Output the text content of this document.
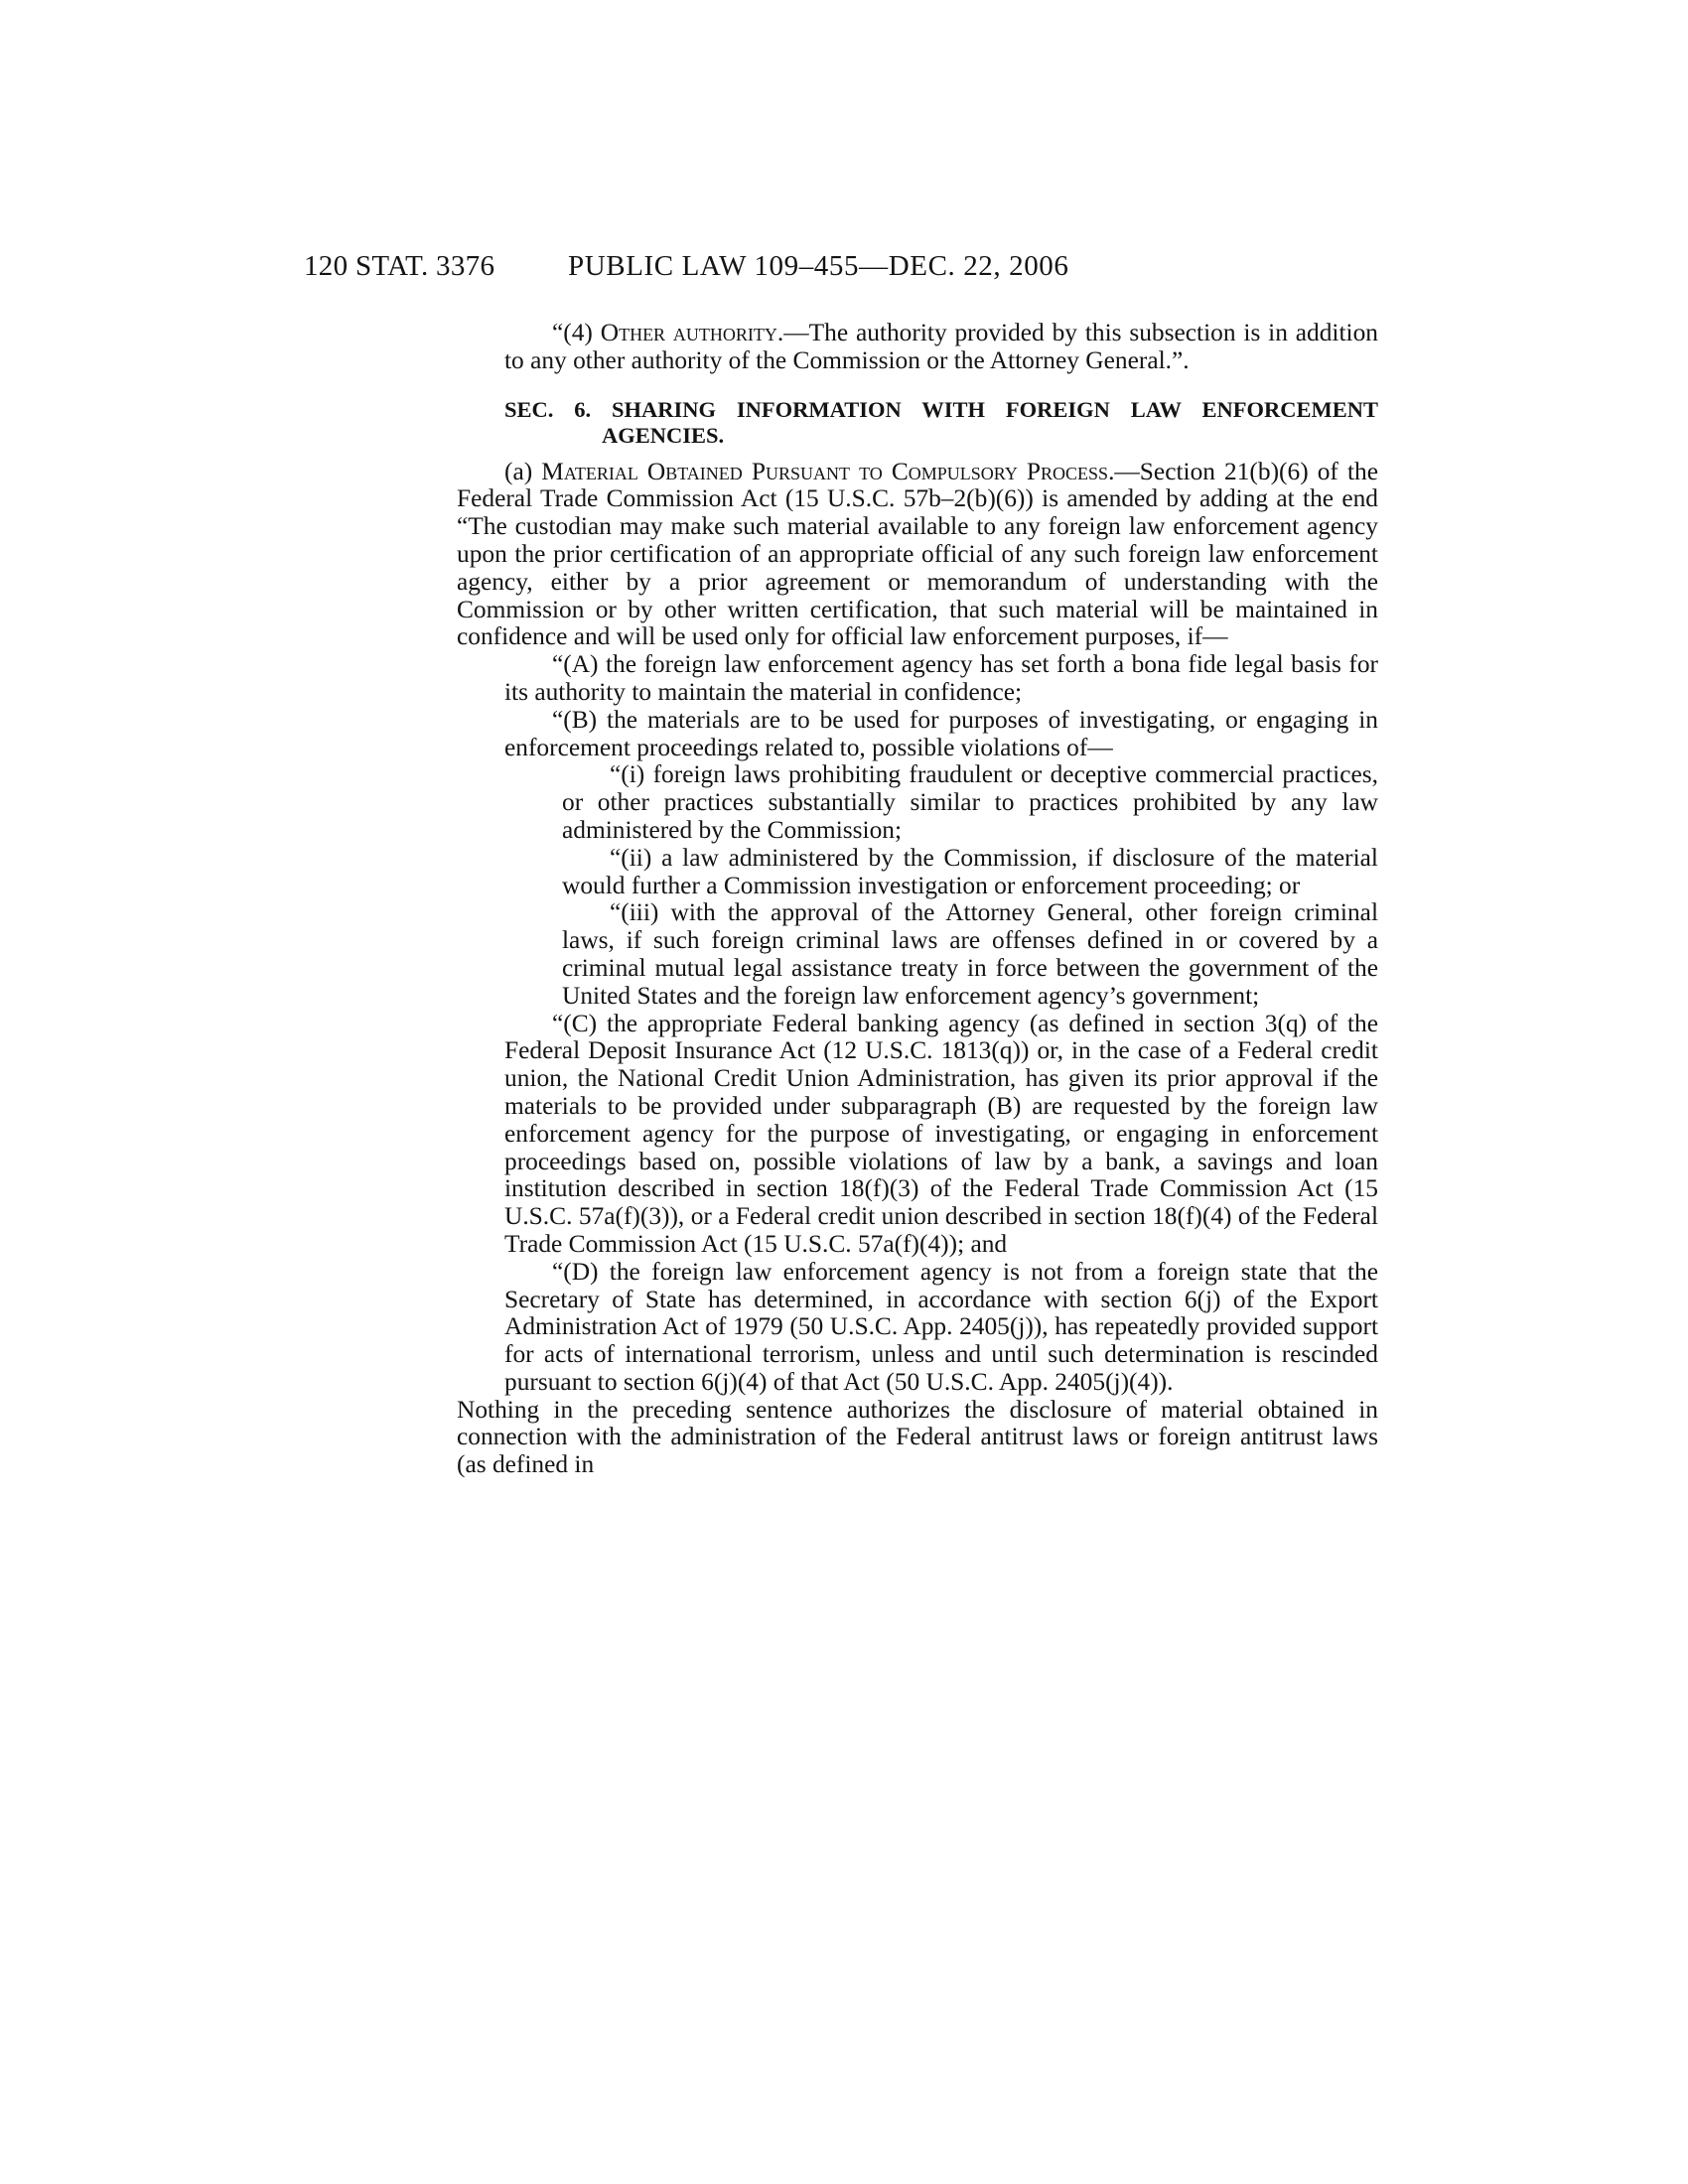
120 STAT. 3376	PUBLIC LAW 109–455—DEC. 22, 2006

“(4) Other authority.—The authority provided by this subsection is in addition to any other authority of the Commission or the Attorney General.”.

SEC. 6. SHARING INFORMATION WITH FOREIGN LAW ENFORCEMENT AGENCIES.

(a) Material Obtained Pursuant to Compulsory Process.—Section 21(b)(6) of the Federal Trade Commission Act (15 U.S.C. 57b–2(b)(6)) is amended by adding at the end “The custodian may make such material available to any foreign law enforcement agency upon the prior certification of an appropriate official of any such foreign law enforcement agency, either by a prior agreement or memorandum of understanding with the Commission or by other written certification, that such material will be maintained in confidence and will be used only for official law enforcement purposes, if—

“(A) the foreign law enforcement agency has set forth a bona fide legal basis for its authority to maintain the material in confidence;

“(B) the materials are to be used for purposes of investigating, or engaging in enforcement proceedings related to, possible violations of—

“(i) foreign laws prohibiting fraudulent or deceptive commercial practices, or other practices substantially similar to practices prohibited by any law administered by the Commission;

“(ii) a law administered by the Commission, if disclosure of the material would further a Commission investigation or enforcement proceeding; or

“(iii) with the approval of the Attorney General, other foreign criminal laws, if such foreign criminal laws are offenses defined in or covered by a criminal mutual legal assistance treaty in force between the government of the United States and the foreign law enforcement agency’s government;

“(C) the appropriate Federal banking agency (as defined in section 3(q) of the Federal Deposit Insurance Act (12 U.S.C. 1813(q)) or, in the case of a Federal credit union, the National Credit Union Administration, has given its prior approval if the materials to be provided under subparagraph (B) are requested by the foreign law enforcement agency for the purpose of investigating, or engaging in enforcement proceedings based on, possible violations of law by a bank, a savings and loan institution described in section 18(f)(3) of the Federal Trade Commission Act (15 U.S.C. 57a(f)(3)), or a Federal credit union described in section 18(f)(4) of the Federal Trade Commission Act (15 U.S.C. 57a(f)(4)); and

“(D) the foreign law enforcement agency is not from a foreign state that the Secretary of State has determined, in accordance with section 6(j) of the Export Administration Act of 1979 (50 U.S.C. App. 2405(j)), has repeatedly provided support for acts of international terrorism, unless and until such determination is rescinded pursuant to section 6(j)(4) of that Act (50 U.S.C. App. 2405(j)(4)).

Nothing in the preceding sentence authorizes the disclosure of material obtained in connection with the administration of the Federal antitrust laws or foreign antitrust laws (as defined in
